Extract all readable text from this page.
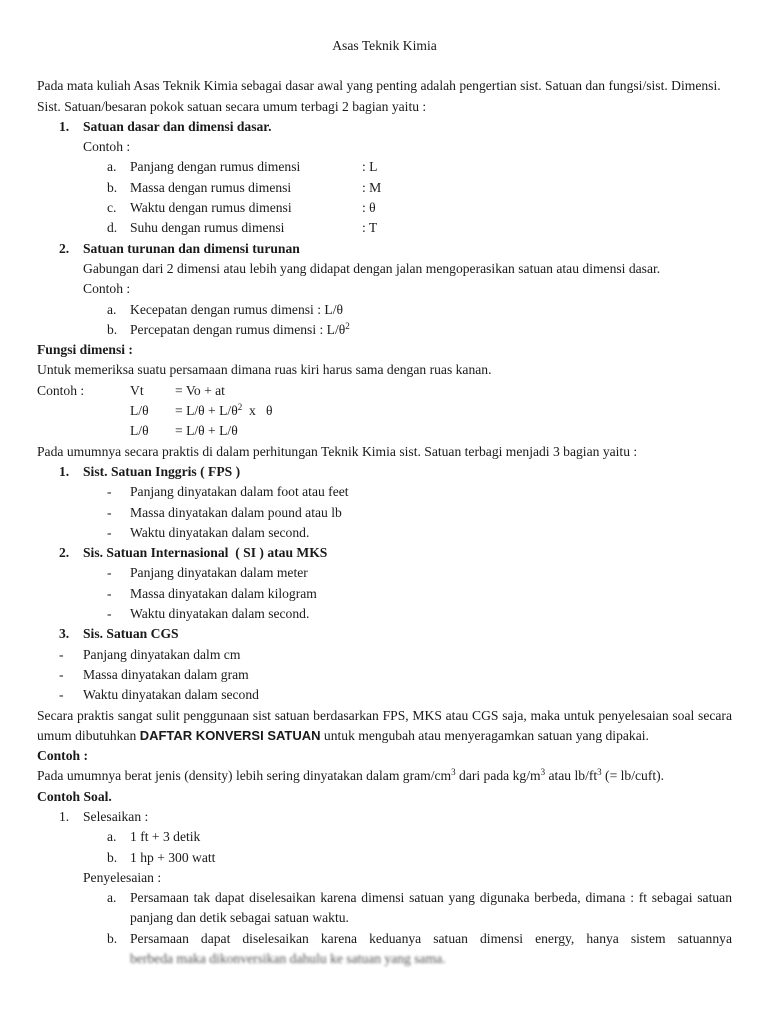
Asas Teknik Kimia
Pada mata kuliah Asas Teknik Kimia sebagai dasar awal yang penting adalah pengertian sist. Satuan dan fungsi/sist. Dimensi.
Sist. Satuan/besaran pokok satuan secara umum terbagi 2 bagian yaitu :
1. Satuan dasar dan dimensi dasar.
Contoh :
a. Panjang dengan rumus dimensi	: L
b. Massa dengan rumus dimensi	: M
c. Waktu dengan rumus dimensi	: θ
d. Suhu dengan rumus dimensi	: T
2. Satuan turunan dan dimensi turunan
Gabungan dari 2 dimensi atau lebih yang didapat dengan jalan mengoperasikan satuan atau dimensi dasar.
Contoh :
a. Kecepatan dengan rumus dimensi : L/θ
b. Percepatan dengan rumus dimensi : $L/\theta^2$
Fungsi dimensi :
Untuk memeriksa suatu persamaan dimana ruas kiri harus sama dengan ruas kanan.
Contoh :	Vt = Vo + at
$L/\theta = L/\theta + L/\theta^2$  x   θ
L/θ = L/θ + L/θ
Pada umumnya secara praktis di dalam perhitungan Teknik Kimia sist. Satuan terbagi menjadi 3 bagian yaitu :
1. Sist. Satuan Inggris ( FPS )
- Panjang dinyatakan dalam foot atau feet
- Massa dinyatakan dalam pound atau lb
- Waktu dinyatakan dalam second.
2. Sis. Satuan Internasional  ( SI ) atau MKS
- Panjang dinyatakan dalam meter
- Massa dinyatakan dalam kilogram
- Waktu dinyatakan dalam second.
3. Sis. Satuan CGS
- Panjang dinyatakan dalm cm
- Massa dinyatakan dalam gram
- Waktu dinyatakan dalam second
Secara praktis sangat sulit penggunaan sist satuan berdasarkan FPS, MKS atau CGS saja, maka untuk penyelesaian soal secara umum dibutuhkan DAFTAR KONVERSI SATUAN untuk mengubah atau menyeragamkan satuan yang dipakai.
Contoh :
Pada umumnya berat jenis (density) lebih sering dinyatakan dalam gram/$cm^3$ dari pada $kg/m^3$ atau $lb/ft^3$ (= lb/cuft).
Contoh Soal.
1. Selesaikan :
a. 1 ft + 3 detik
b. 1 hp + 300 watt
Penyelesaian :
a. Persamaan tak dapat diselesaikan karena dimensi satuan yang digunaka berbeda, dimana : ft sebagai satuan panjang dan detik sebagai satuan waktu.
b. Persamaan dapat diselesaikan karena keduanya satuan dimensi energy, hanya sistem satuannya
berbeda maka dikonversikan dahulu ke satuan yang sama.
